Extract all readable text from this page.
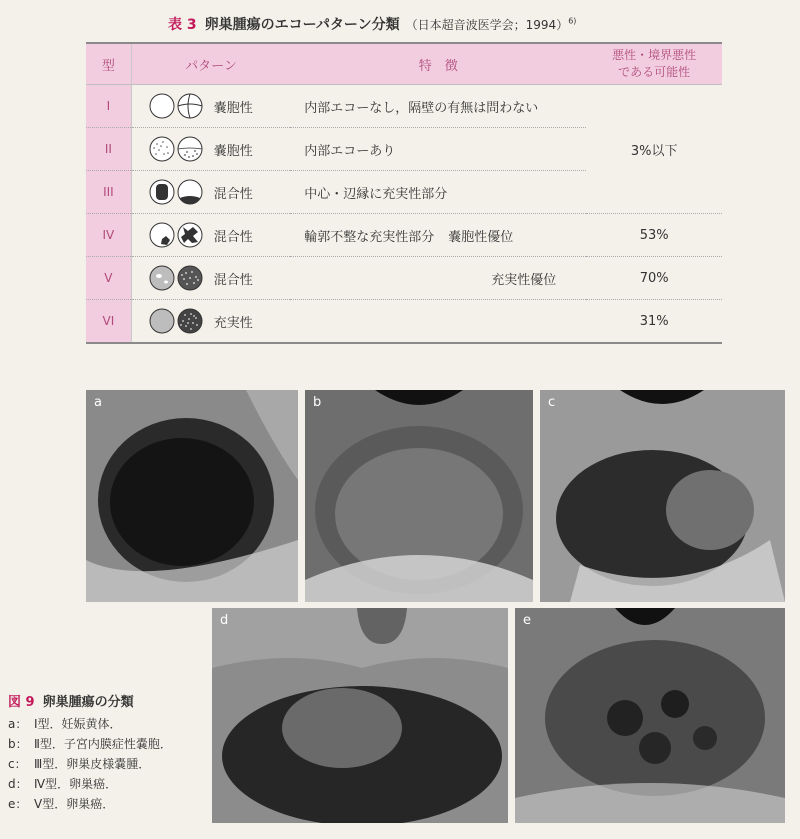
表 3 卵巣腫瘍のエコーパターン分類 （日本超音波医学会；1994）$^{6)}$
型	パターン	特　徴	悪性・境界悪性
である可能性
I	嚢胞性	内部エコーなし，隔壁の有無は問わない	3%以下
II	嚢胞性	内部エコーあり	
III	混合性	中心・辺縁に充実性部分	
IV	混合性	輪郭不整な充実性部分 嚢胞性優位	53%
V	混合性	充実性優位	70%
VI	充実性		31%
a	b	c
d	e
図 9 卵巣腫瘍の分類
a： Ⅰ型．妊娠黄体．
b： Ⅱ型．子宮内膜症性嚢胞．
c： Ⅲ型．卵巣皮様嚢腫．
d： Ⅳ型．卵巣癌．
e： Ⅴ型．卵巣癌．
